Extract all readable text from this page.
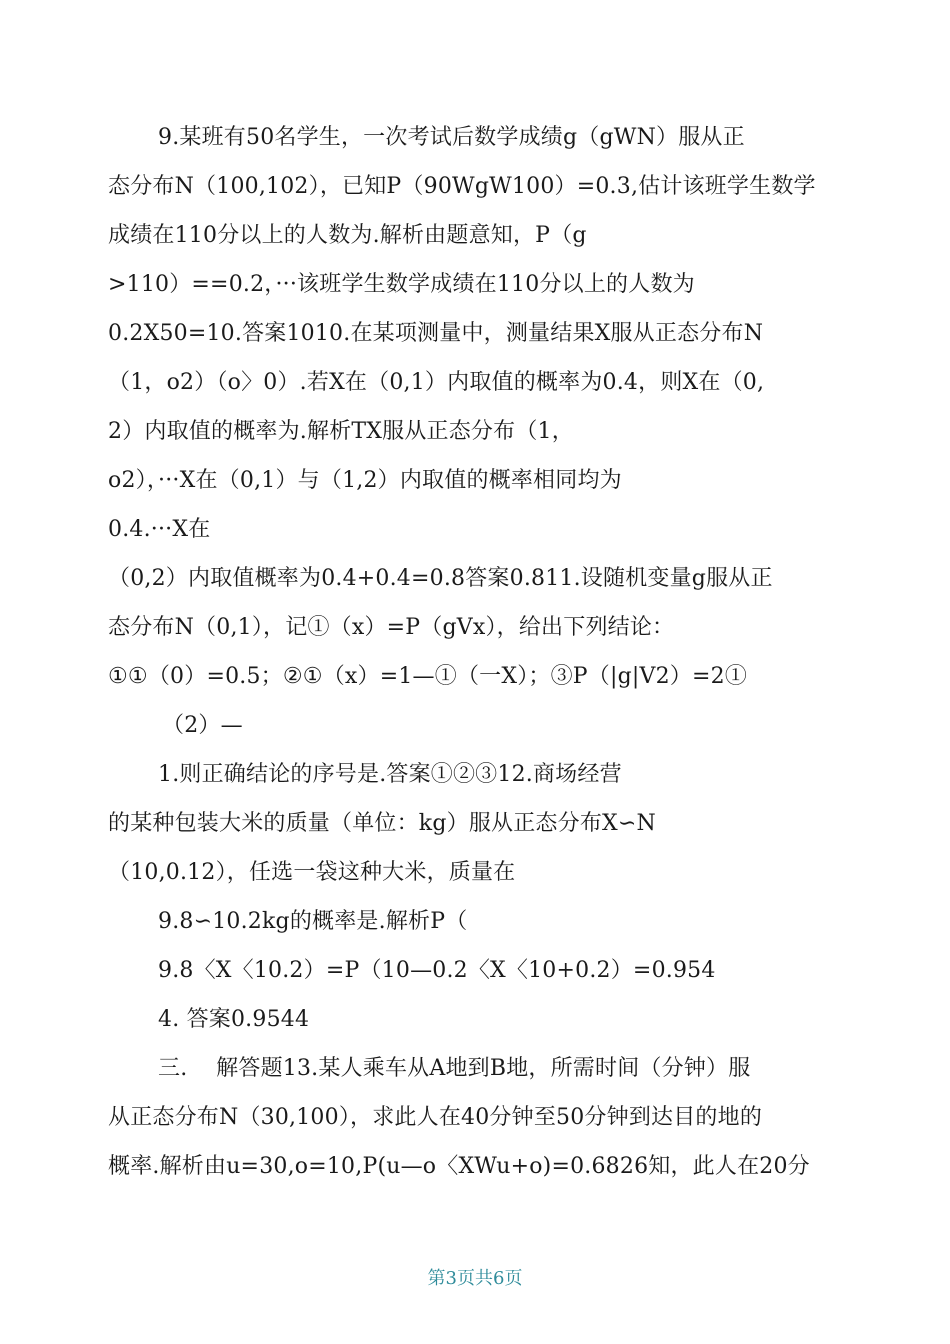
9.某班有50名学生，一次考试后数学成绩g（gWN）服从正
态分布N（100,102），已知P（90WgW100）=0.3,估计该班学生数学
成绩在110分以上的人数为.解析由题意知，P（g
>110）==0.2，···该班学生数学成绩在110分以上的人数为
0.2X50=10.答案1010.在某项测量中，测量结果X服从正态分布N
（1，o2）（o〉0）.若X在（0,1）内取值的概率为0.4，则X在（0,
2）内取值的概率为.解析TX服从正态分布（1，
o2），···X在（0,1）与（1,2）内取值的概率相同均为
0.4.···X在
（0,2）内取值概率为0.4+0.4=0.8答案0.811.设随机变量g服从正
态分布N（0,1），记①（x）=P（gVx），给出下列结论：
①①（0）=0.5；②①（x）=1—①（一X）；③P（|g|V2）=2①
（2）—
1.则正确结论的序号是.答案①②③12.商场经营
的某种包装大米的质量（单位：kg）服从正态分布X∽N
（10,0.12），任选一袋这种大米，质量在
9.8∽10.2kg的概率是.解析P（
9.8〈X〈10.2）=P（10—0.2〈X〈10+0.2）=0.954
4. 答案0.9544
三.    解答题13.某人乘车从A地到B地，所需时间（分钟）服
从正态分布N（30,100），求此人在40分钟至50分钟到达目的地的
概率.解析由u=30,o=10,P(u—o〈XWu+o)=0.6826知，此人在20分
第3页共6页
